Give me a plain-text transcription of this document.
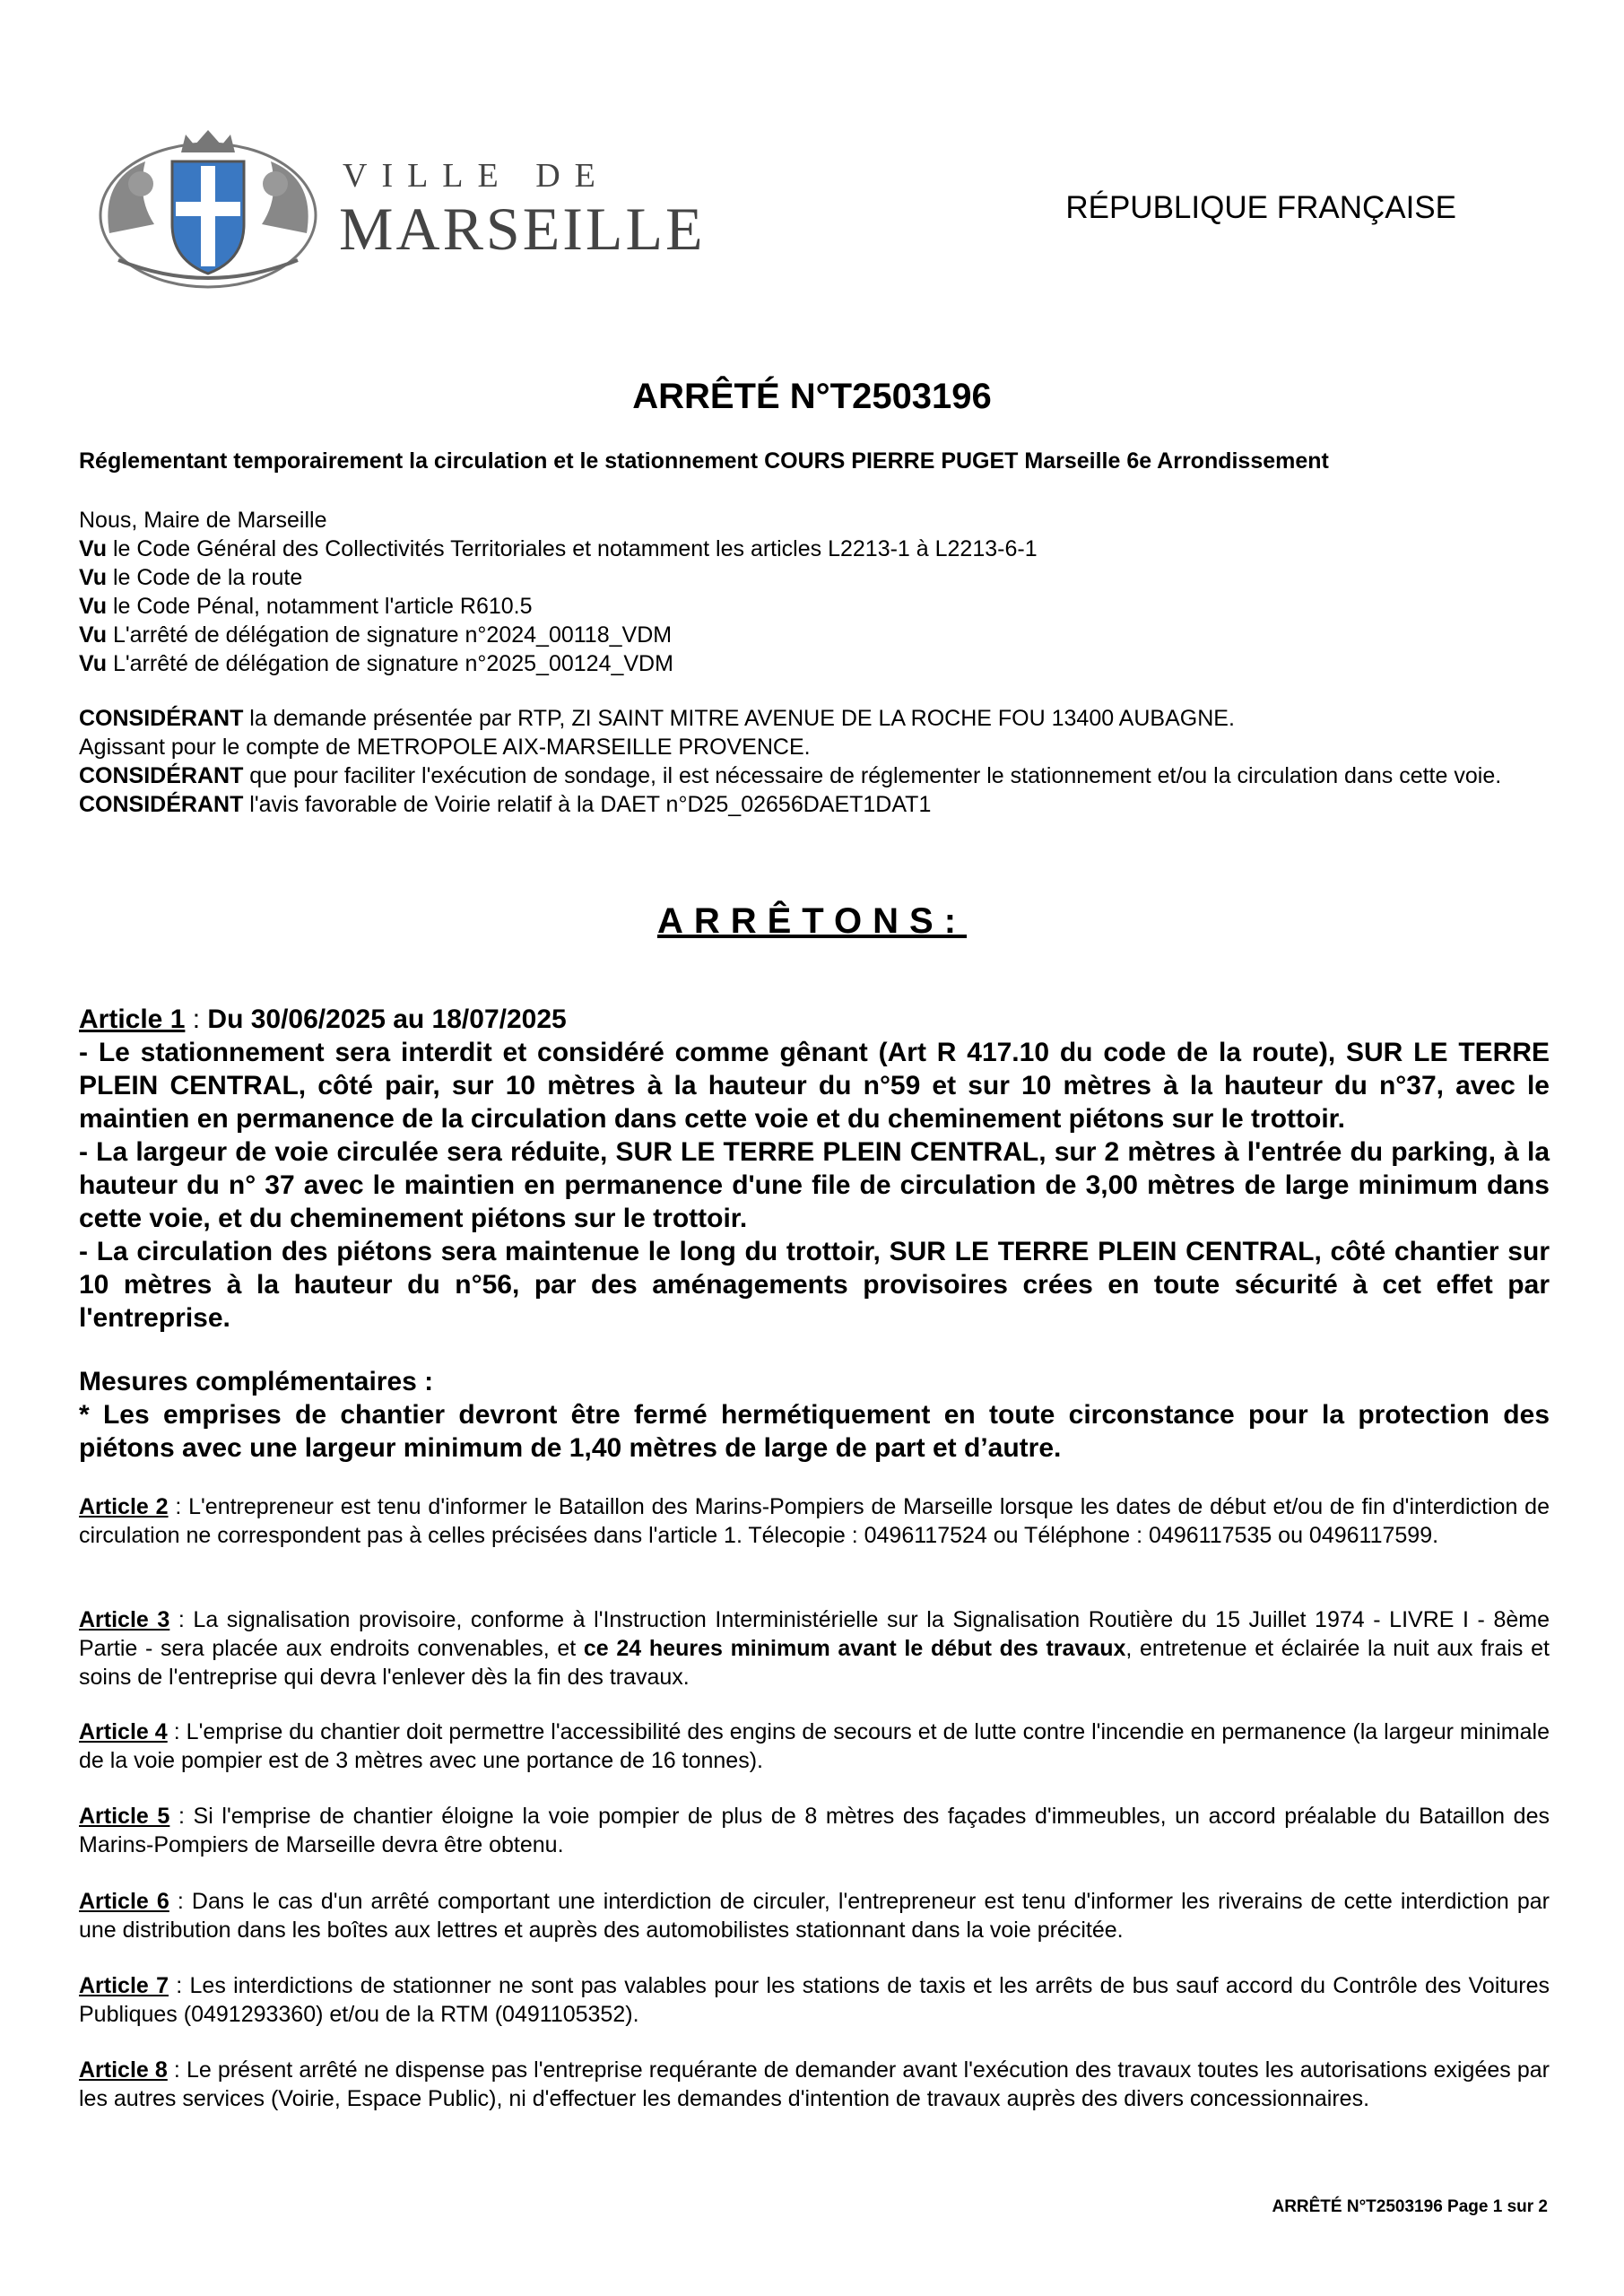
VILLE DE
MARSEILLE	RÉPUBLIQUE FRANÇAISE
ARRÊTÉ N°T2503196
Réglementant temporairement la circulation et le stationnement COURS PIERRE PUGET Marseille 6e Arrondissement

Nous, Maire de Marseille

Vu le Code Général des Collectivités Territoriales et notamment les articles L2213-1 à L2213-6-1

Vu le Code de la route

Vu le Code Pénal, notamment l'article R610.5

Vu L'arrêté de délégation de signature n°2024_00118_VDM

Vu L'arrêté de délégation de signature n°2025_00124_VDM

CONSIDÉRANT la demande présentée par RTP, ZI SAINT MITRE AVENUE DE LA ROCHE FOU 13400 AUBAGNE.

Agissant pour le compte de METROPOLE AIX-MARSEILLE PROVENCE.

CONSIDÉRANT que pour faciliter l'exécution de sondage, il est nécessaire de réglementer le stationnement et/ou la circulation dans cette voie.

CONSIDÉRANT l'avis favorable de Voirie relatif à la DAET n°D25_02656DAET1DAT1

ARRÊTONS:

Article 1 : Du 30/06/2025 au 18/07/2025

- Le stationnement sera interdit et considéré comme gênant (Art R 417.10 du code de la route), SUR LE TERRE PLEIN CENTRAL, côté pair, sur 10 mètres à la hauteur du n°59 et sur 10 mètres à la hauteur du n°37, avec le maintien en permanence de la circulation dans cette voie et du cheminement piétons sur le trottoir.

- La largeur de voie circulée sera réduite, SUR LE TERRE PLEIN CENTRAL, sur 2 mètres à l'entrée du parking, à la hauteur du n° 37 avec le maintien en permanence d'une file de circulation de 3,00 mètres de large minimum dans cette voie, et du cheminement piétons sur le trottoir.

- La circulation des piétons sera maintenue le long du trottoir, SUR LE TERRE PLEIN CENTRAL, côté chantier sur 10 mètres à la hauteur du n°56, par des aménagements provisoires crées en toute sécurité à cet effet par l'entreprise.

Mesures complémentaires :

* Les emprises de chantier devront être fermé hermétiquement en toute circonstance pour la protection des piétons avec une largeur minimum de 1,40 mètres de large de part et d’autre.

Article 2 : L'entrepreneur est tenu d'informer le Bataillon des Marins-Pompiers de Marseille lorsque les dates de début et/ou de fin d'interdiction de circulation ne correspondent pas à celles précisées dans l'article 1. Télecopie : 0496117524 ou Téléphone : 0496117535 ou 0496117599.

Article 3 : La signalisation provisoire, conforme à l'Instruction Interministérielle sur la Signalisation Routière du 15 Juillet 1974 - LIVRE I - 8ème Partie - sera placée aux endroits convenables, et ce 24 heures minimum avant le début des travaux, entretenue et éclairée la nuit aux frais et soins de l'entreprise qui devra l'enlever dès la fin des travaux.

Article 4 : L'emprise du chantier doit permettre l'accessibilité des engins de secours et de lutte contre l'incendie en permanence (la largeur minimale de la voie pompier est de 3 mètres avec une portance de 16 tonnes).

Article 5 : Si l'emprise de chantier éloigne la voie pompier de plus de 8 mètres des façades d'immeubles, un accord préalable du Bataillon des Marins-Pompiers de Marseille devra être obtenu.

Article 6 : Dans le cas d'un arrêté comportant une interdiction de circuler, l'entrepreneur est tenu d'informer les riverains de cette interdiction par une distribution dans les boîtes aux lettres et auprès des automobilistes stationnant dans la voie précitée.

Article 7 : Les interdictions de stationner ne sont pas valables pour les stations de taxis et les arrêts de bus sauf accord du Contrôle des Voitures Publiques (0491293360) et/ou de la RTM (0491105352).

Article 8 : Le présent arrêté ne dispense pas l'entreprise requérante de demander avant l'exécution des travaux toutes les autorisations exigées par les autres services (Voirie, Espace Public), ni d'effectuer les demandes d'intention de travaux auprès des divers concessionnaires.

ARRÊTÉ N°T2503196 Page 1 sur 2
